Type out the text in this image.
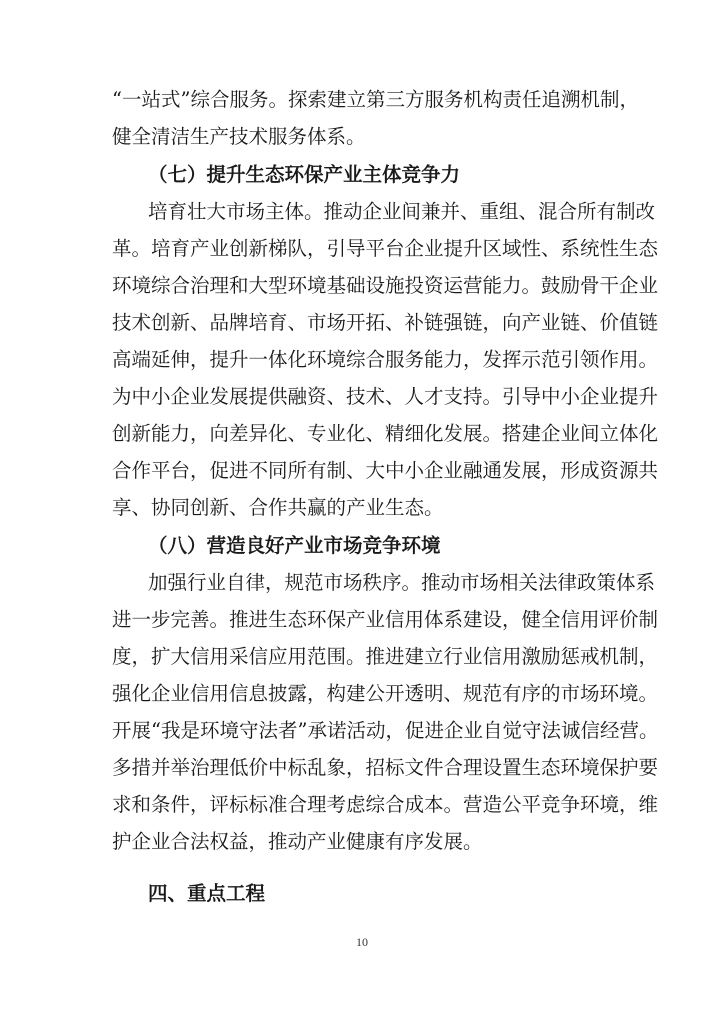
“一站式”综合服务。探索建立第三方服务机构责任追溯机制，
健全清洁生产技术服务体系。
（七）提升生态环保产业主体竞争力
培育壮大市场主体。推动企业间兼并、重组、混合所有制改
革。培育产业创新梯队，引导平台企业提升区域性、系统性生态
环境综合治理和大型环境基础设施投资运营能力。鼓励骨干企业
技术创新、品牌培育、市场开拓、补链强链，向产业链、价值链
高端延伸，提升一体化环境综合服务能力，发挥示范引领作用。
为中小企业发展提供融资、技术、人才支持。引导中小企业提升
创新能力，向差异化、专业化、精细化发展。搭建企业间立体化
合作平台，促进不同所有制、大中小企业融通发展，形成资源共
享、协同创新、合作共赢的产业生态。
（八）营造良好产业市场竞争环境
加强行业自律，规范市场秩序。推动市场相关法律政策体系
进一步完善。推进生态环保产业信用体系建设，健全信用评价制
度，扩大信用采信应用范围。推进建立行业信用激励惩戒机制，
强化企业信用信息披露，构建公开透明、规范有序的市场环境。
开展“我是环境守法者”承诺活动，促进企业自觉守法诚信经营。
多措并举治理低价中标乱象，招标文件合理设置生态环境保护要
求和条件，评标标准合理考虑综合成本。营造公平竞争环境，维
护企业合法权益，推动产业健康有序发展。
四、重点工程
10
